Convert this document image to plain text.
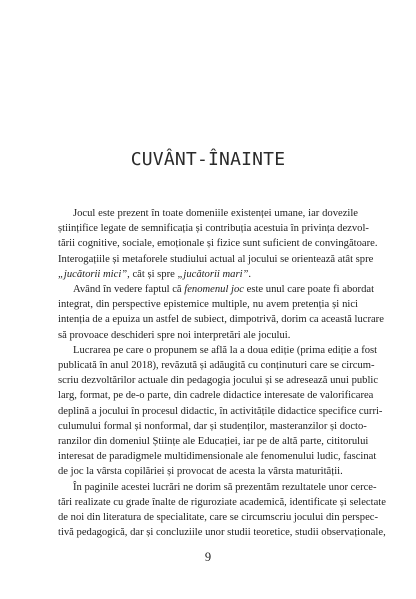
CUVÂNT-ÎNAINTE
Jocul este prezent în toate domeniile existenței umane, iar dovezile
științifice legate de semnificația și contribuția acestuia în privința dezvol-
tării cognitive, sociale, emoționale și fizice sunt suficient de convingătoare.
Interogațiile și metaforele studiului actual al jocului se orientează atât spre
„jucătorii mici”, cât și spre „jucătorii mari”.
Având în vedere faptul că fenomenul joc este unul care poate fi abordat
integrat, din perspective epistemice multiple, nu avem pretenția și nici
intenția de a epuiza un astfel de subiect, dimpotrivă, dorim ca această lucrare
să provoace deschideri spre noi interpretări ale jocului.
Lucrarea pe care o propunem se află la a doua ediție (prima ediție a fost
publicată în anul 2018), revăzută și adăugită cu conținuturi care se circum-
scriu dezvoltărilor actuale din pedagogia jocului și se adresează unui public
larg, format, pe de-o parte, din cadrele didactice interesate de valorificarea
deplină a jocului în procesul didactic, în activitățile didactice specifice curri-
culumului formal și nonformal, dar și studenților, masteranzilor și docto-
ranzilor din domeniul Științe ale Educației, iar pe de altă parte, cititorului
interesat de paradigmele multidimensionale ale fenomenului ludic, fascinat
de joc la vârsta copilăriei și provocat de acesta la vârsta maturității.
9
În paginile acestei lucrări ne dorim să prezentăm rezultatele unor cerce-
tări realizate cu grade înalte de riguroziate academică, identificate și selectate
de noi din literatura de specialitate, care se circumscriu jocului din perspec-
tivă pedagogică, dar și concluziile unor studii teoretice, studii observaționale,
